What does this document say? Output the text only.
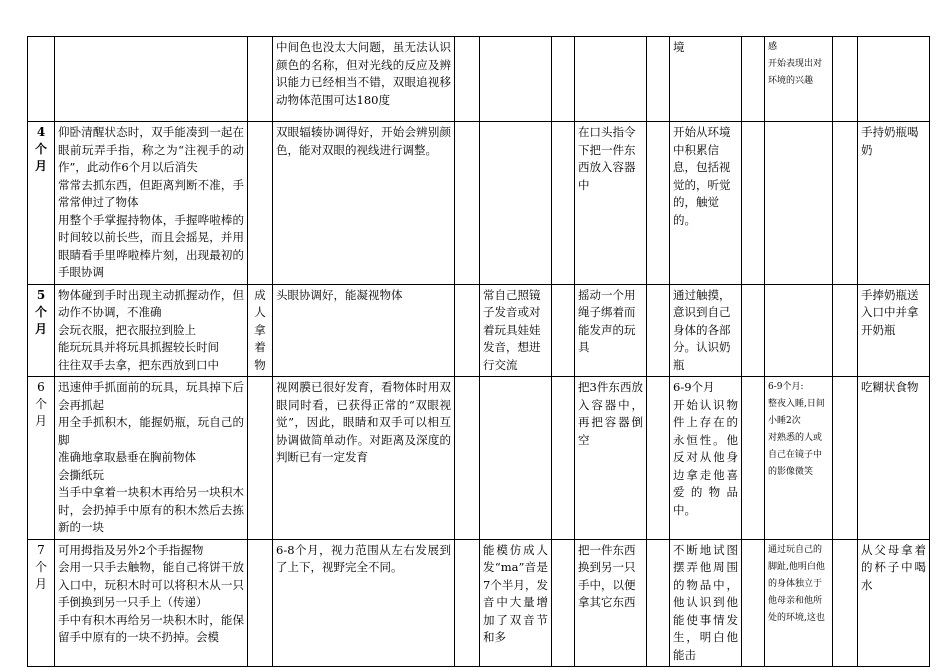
			中间色也没太大问题，虽无法认识颜色的名称，但对光线的反应及辨识能力已经相当不错，双眼追视移动物体范围可达180度						境		感
开始表现出对环境的兴趣		
4
个
月	仰卧清醒状态时，双手能凑到一起在眼前玩弄手指，称之为“注视手的动作”，此动作6个月以后消失
常常去抓东西，但距离判断不准，手常常伸过了物体
用整个手掌握持物体，手握哗啦棒的时间较以前长些，而且会摇晃，并用眼睛看手里哗啦棒片刻，出现最初的手眼协调		双眼辐辏协调得好，开始会辨别颜色，能对双眼的视线进行调整。				在口头指令下把一件东西放入容器中		开始从环境中积累信息，包括视觉的，听觉的，触觉的。				手持奶瓶喝奶
5
个
月	物体碰到手时出现主动抓握动作，但动作不协调，不准确
会玩衣服，把衣服拉到脸上
能玩玩具并将玩具抓握较长时间
往往双手去拿，把东西放到口中	成
人
拿
着
物	头眼协调好，能凝视物体		常自己照镜子发音或对着玩具娃娃发音，想进行交流		摇动一个用绳子绑着而能发声的玩具		通过触摸，意识到自己身体的各部分。认识奶瓶				手捧奶瓶送入口中并拿开奶瓶
6
个
月	迅速伸手抓面前的玩具，玩具掉下后会再抓起
用全手抓积木，能握奶瓶，玩自己的脚
准确地拿取悬垂在胸前物体
会撕纸玩
当手中拿着一块积木再给另一块积木时，会扔掉手中原有的积木然后去拣新的一块		视网膜已很好发育，看物体时用双眼同时看，已获得正常的“双眼视觉”，因此，眼睛和双手可以相互协调做简单动作。对距离及深度的判断已有一定发育				把3件东西放入容器中，再把容器倒空		6-9个月
开始认识物件上存在的永恒性。他反对从他身边拿走他喜爱的物品中。		6-9个月:
整夜入睡,日间小睡2次
对熟悉的人或自己在镜子中的影像微笑		吃糊状食物
7
个
月	可用拇指及另外2个手指握物
会用一只手去触物，能自己将饼干放入口中，玩积木时可以将积木从一只手倒换到另一只手上（传递）
手中有积木再给另一块积木时，能保留手中原有的一块不扔掉。会模		6-8个月，视力范围从左右发展到了上下，视野完全不同。		能模仿成人发“ma”音是7个半月，发音中大量增加了双音节和多		把一件东西换到另一只手中，以便拿其它东西		不断地试图摆弄他周围的物品中，他认识到他能使事情发生，明白他能击		通过玩自己的脚趾,他明白他的身体独立于他母亲和他所处的环境,这也		从父母拿着的杯子中喝水
